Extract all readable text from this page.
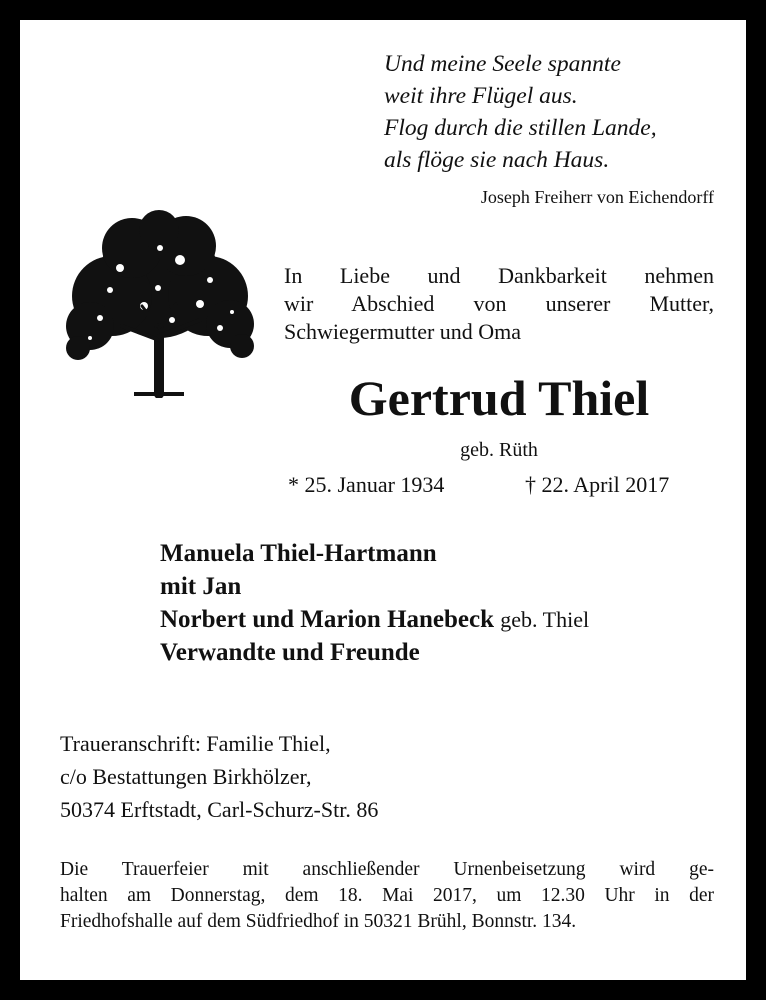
Und meine Seele spannte
weit ihre Flügel aus.
Flog durch die stillen Lande,
als flöge sie nach Haus.
Joseph Freiherr von Eichendorff
In Liebe und Dankbarkeit nehmen
wir Abschied von unserer Mutter,
Schwiegermutter und Oma
Gertrud Thiel
geb. Rüth
* 25. Januar 1934	† 22. April 2017
Manuela Thiel-Hartmann
mit Jan
Norbert und Marion Hanebeck geb. Thiel
Verwandte und Freunde
Traueranschrift: Familie Thiel,
c/o Bestattungen Birkhölzer,
50374 Erftstadt, Carl-Schurz-Str. 86
Die Trauerfeier mit anschließender Urnenbeisetzung wird ge-
halten am Donnerstag, dem 18. Mai 2017, um 12.30 Uhr in der
Friedhofshalle auf dem Südfriedhof in 50321 Brühl, Bonnstr. 134.
